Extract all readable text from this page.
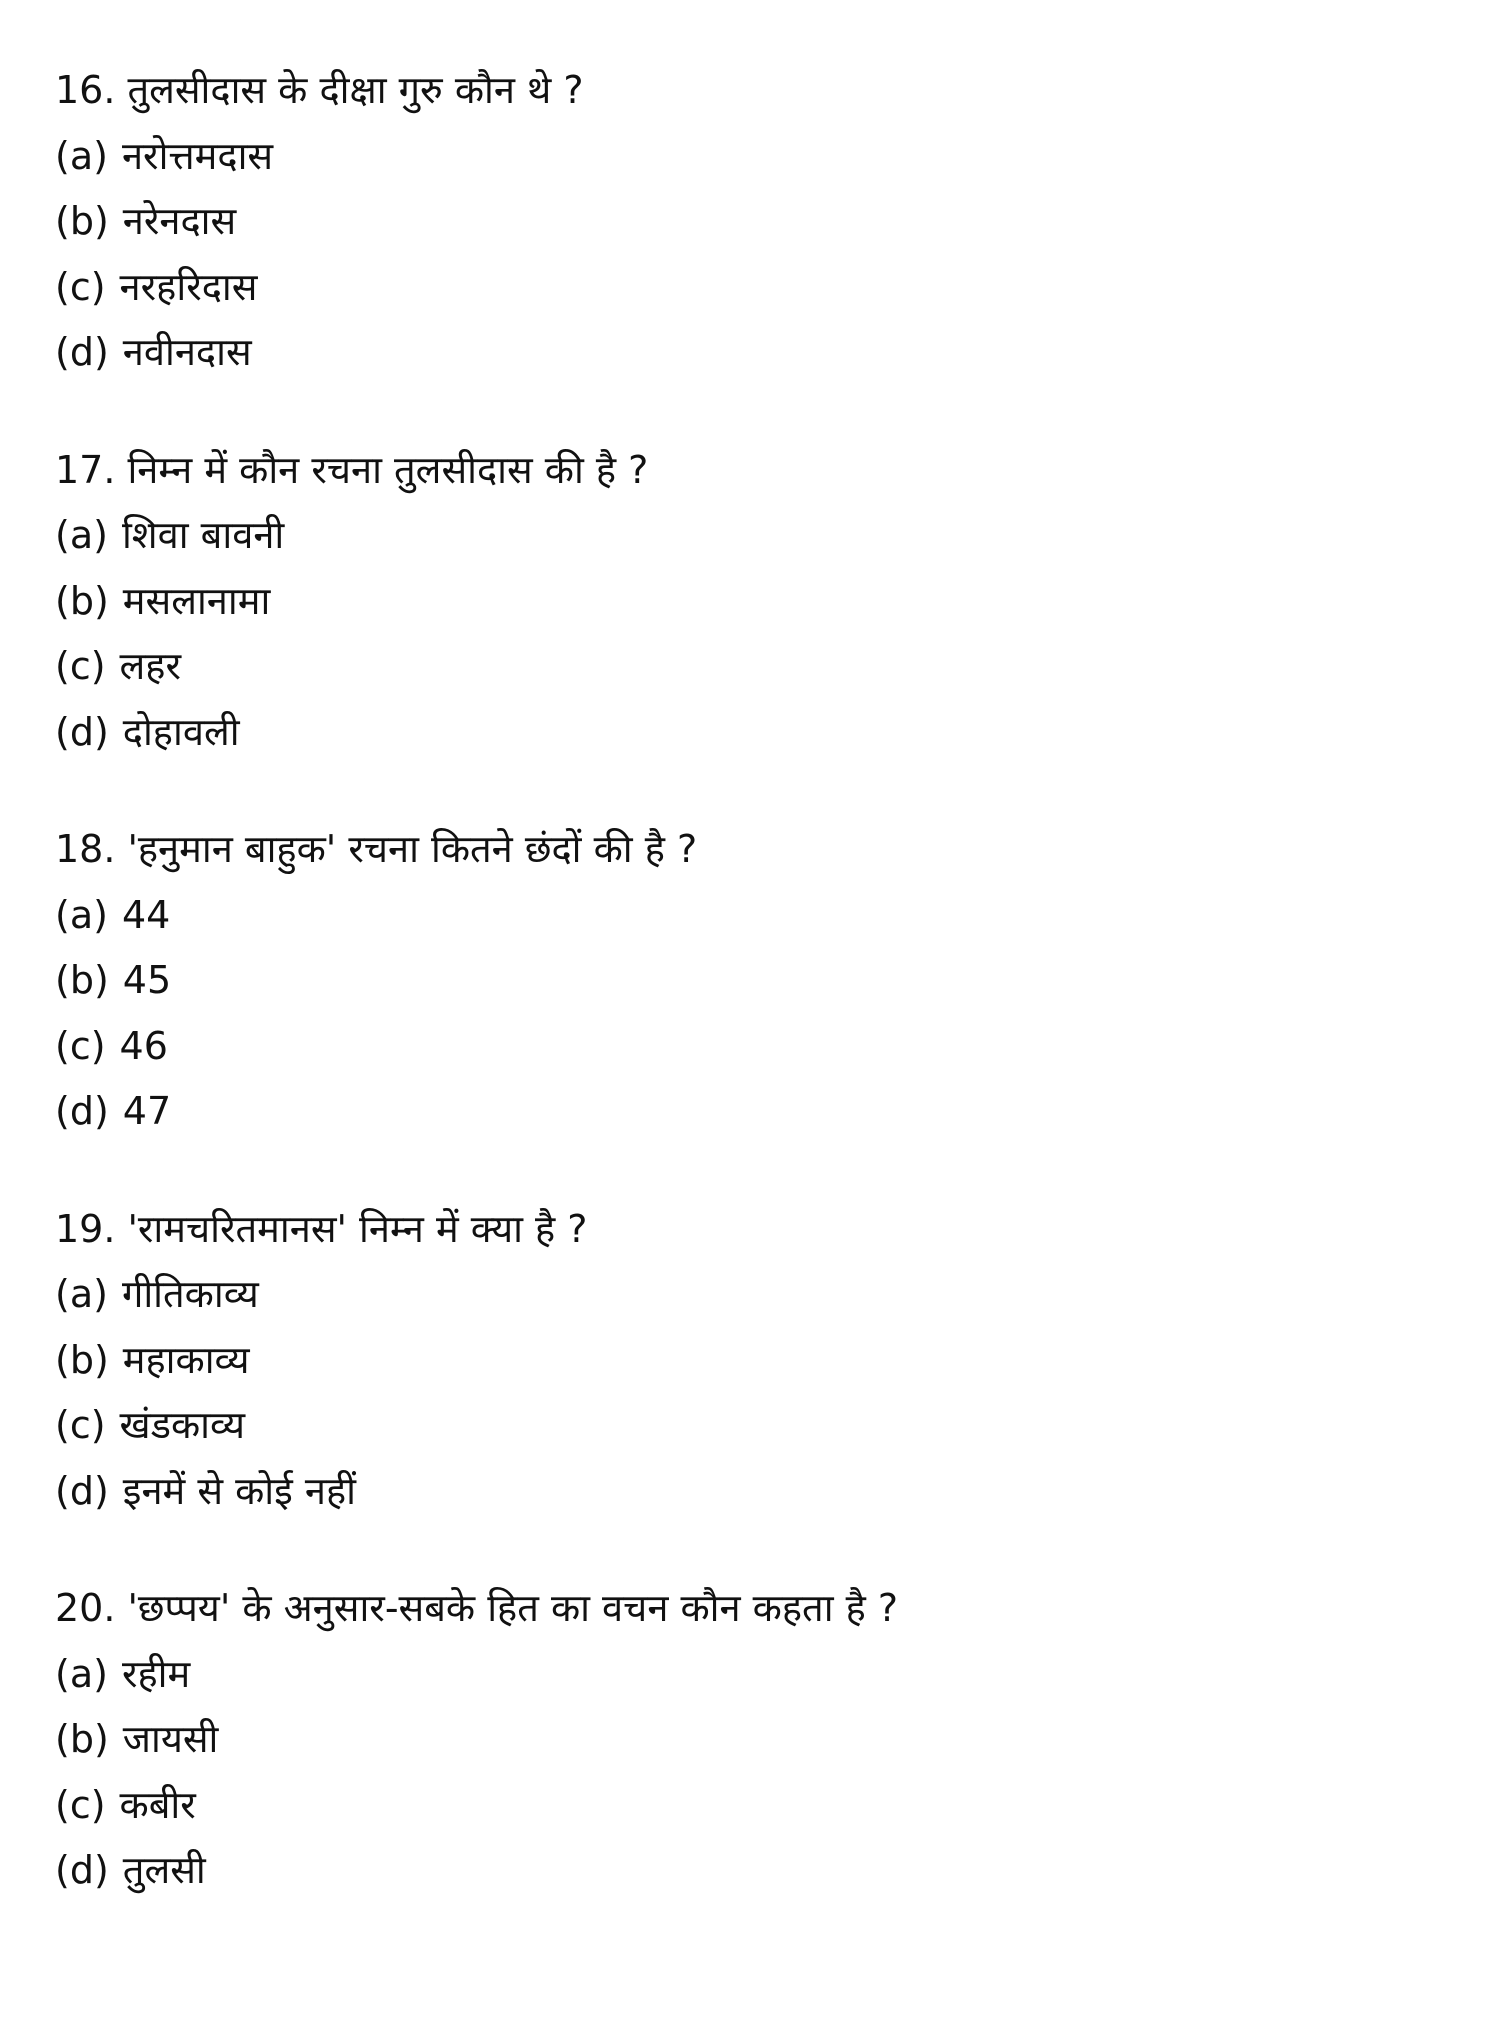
16. तुलसीदास के दीक्षा गुरु कौन थे ?
(a) नरोत्तमदास
(b) नरेनदास
(c) नरहरिदास
(d) नवीनदास
17. निम्न में कौन रचना तुलसीदास की है ?
(a) शिवा बावनी
(b) मसलानामा
(c) लहर
(d) दोहावली
18. 'हनुमान बाहुक' रचना कितने छंदों की है ?
(a) 44
(b) 45
(c) 46
(d) 47
19. 'रामचरितमानस' निम्न में क्या है ?
(a) गीतिकाव्य
(b) महाकाव्य
(c) खंडकाव्य
(d) इनमें से कोई नहीं
20. 'छप्पय' के अनुसार-सबके हित का वचन कौन कहता है ?
(a) रहीम
(b) जायसी
(c) कबीर
(d) तुलसी
